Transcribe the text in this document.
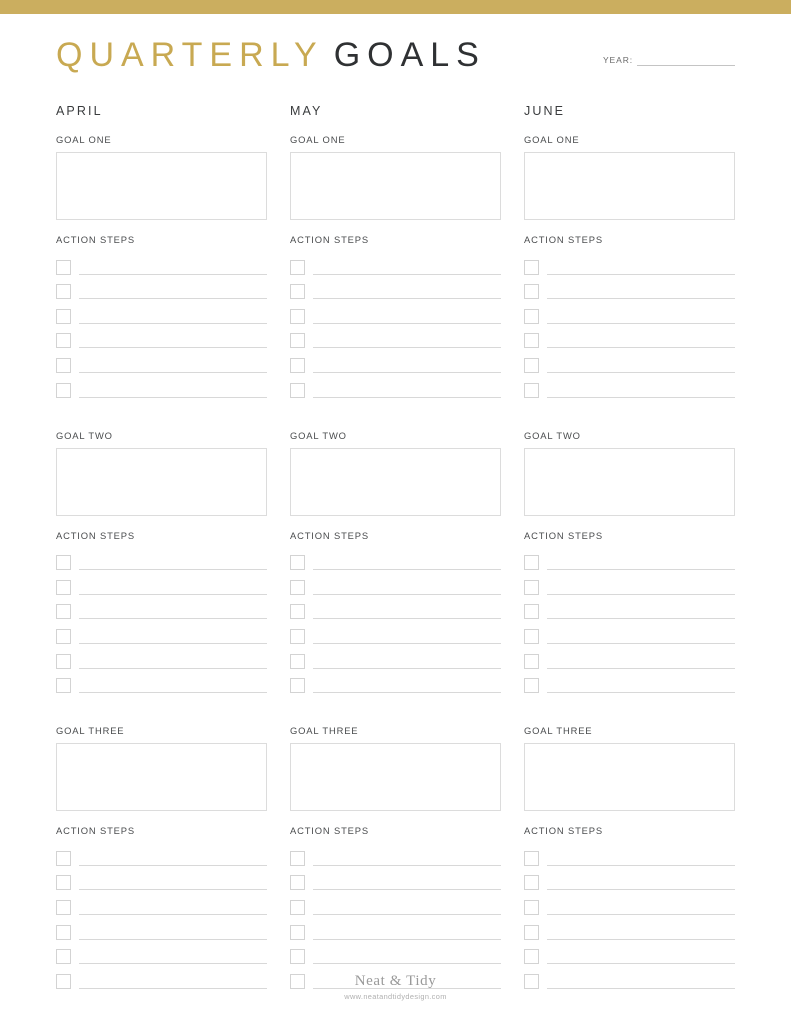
QUARTERLY GOALS	YEAR:
APRIL
GOAL ONE
ACTION STEPS
GOAL TWO
ACTION STEPS
GOAL THREE
ACTION STEPS
MAY
GOAL ONE
ACTION STEPS
GOAL TWO
ACTION STEPS
GOAL THREE
ACTION STEPS
JUNE
GOAL ONE
ACTION STEPS
GOAL TWO
ACTION STEPS
GOAL THREE
ACTION STEPS
Neat & Tidy
www.neatandtidydesign.com
